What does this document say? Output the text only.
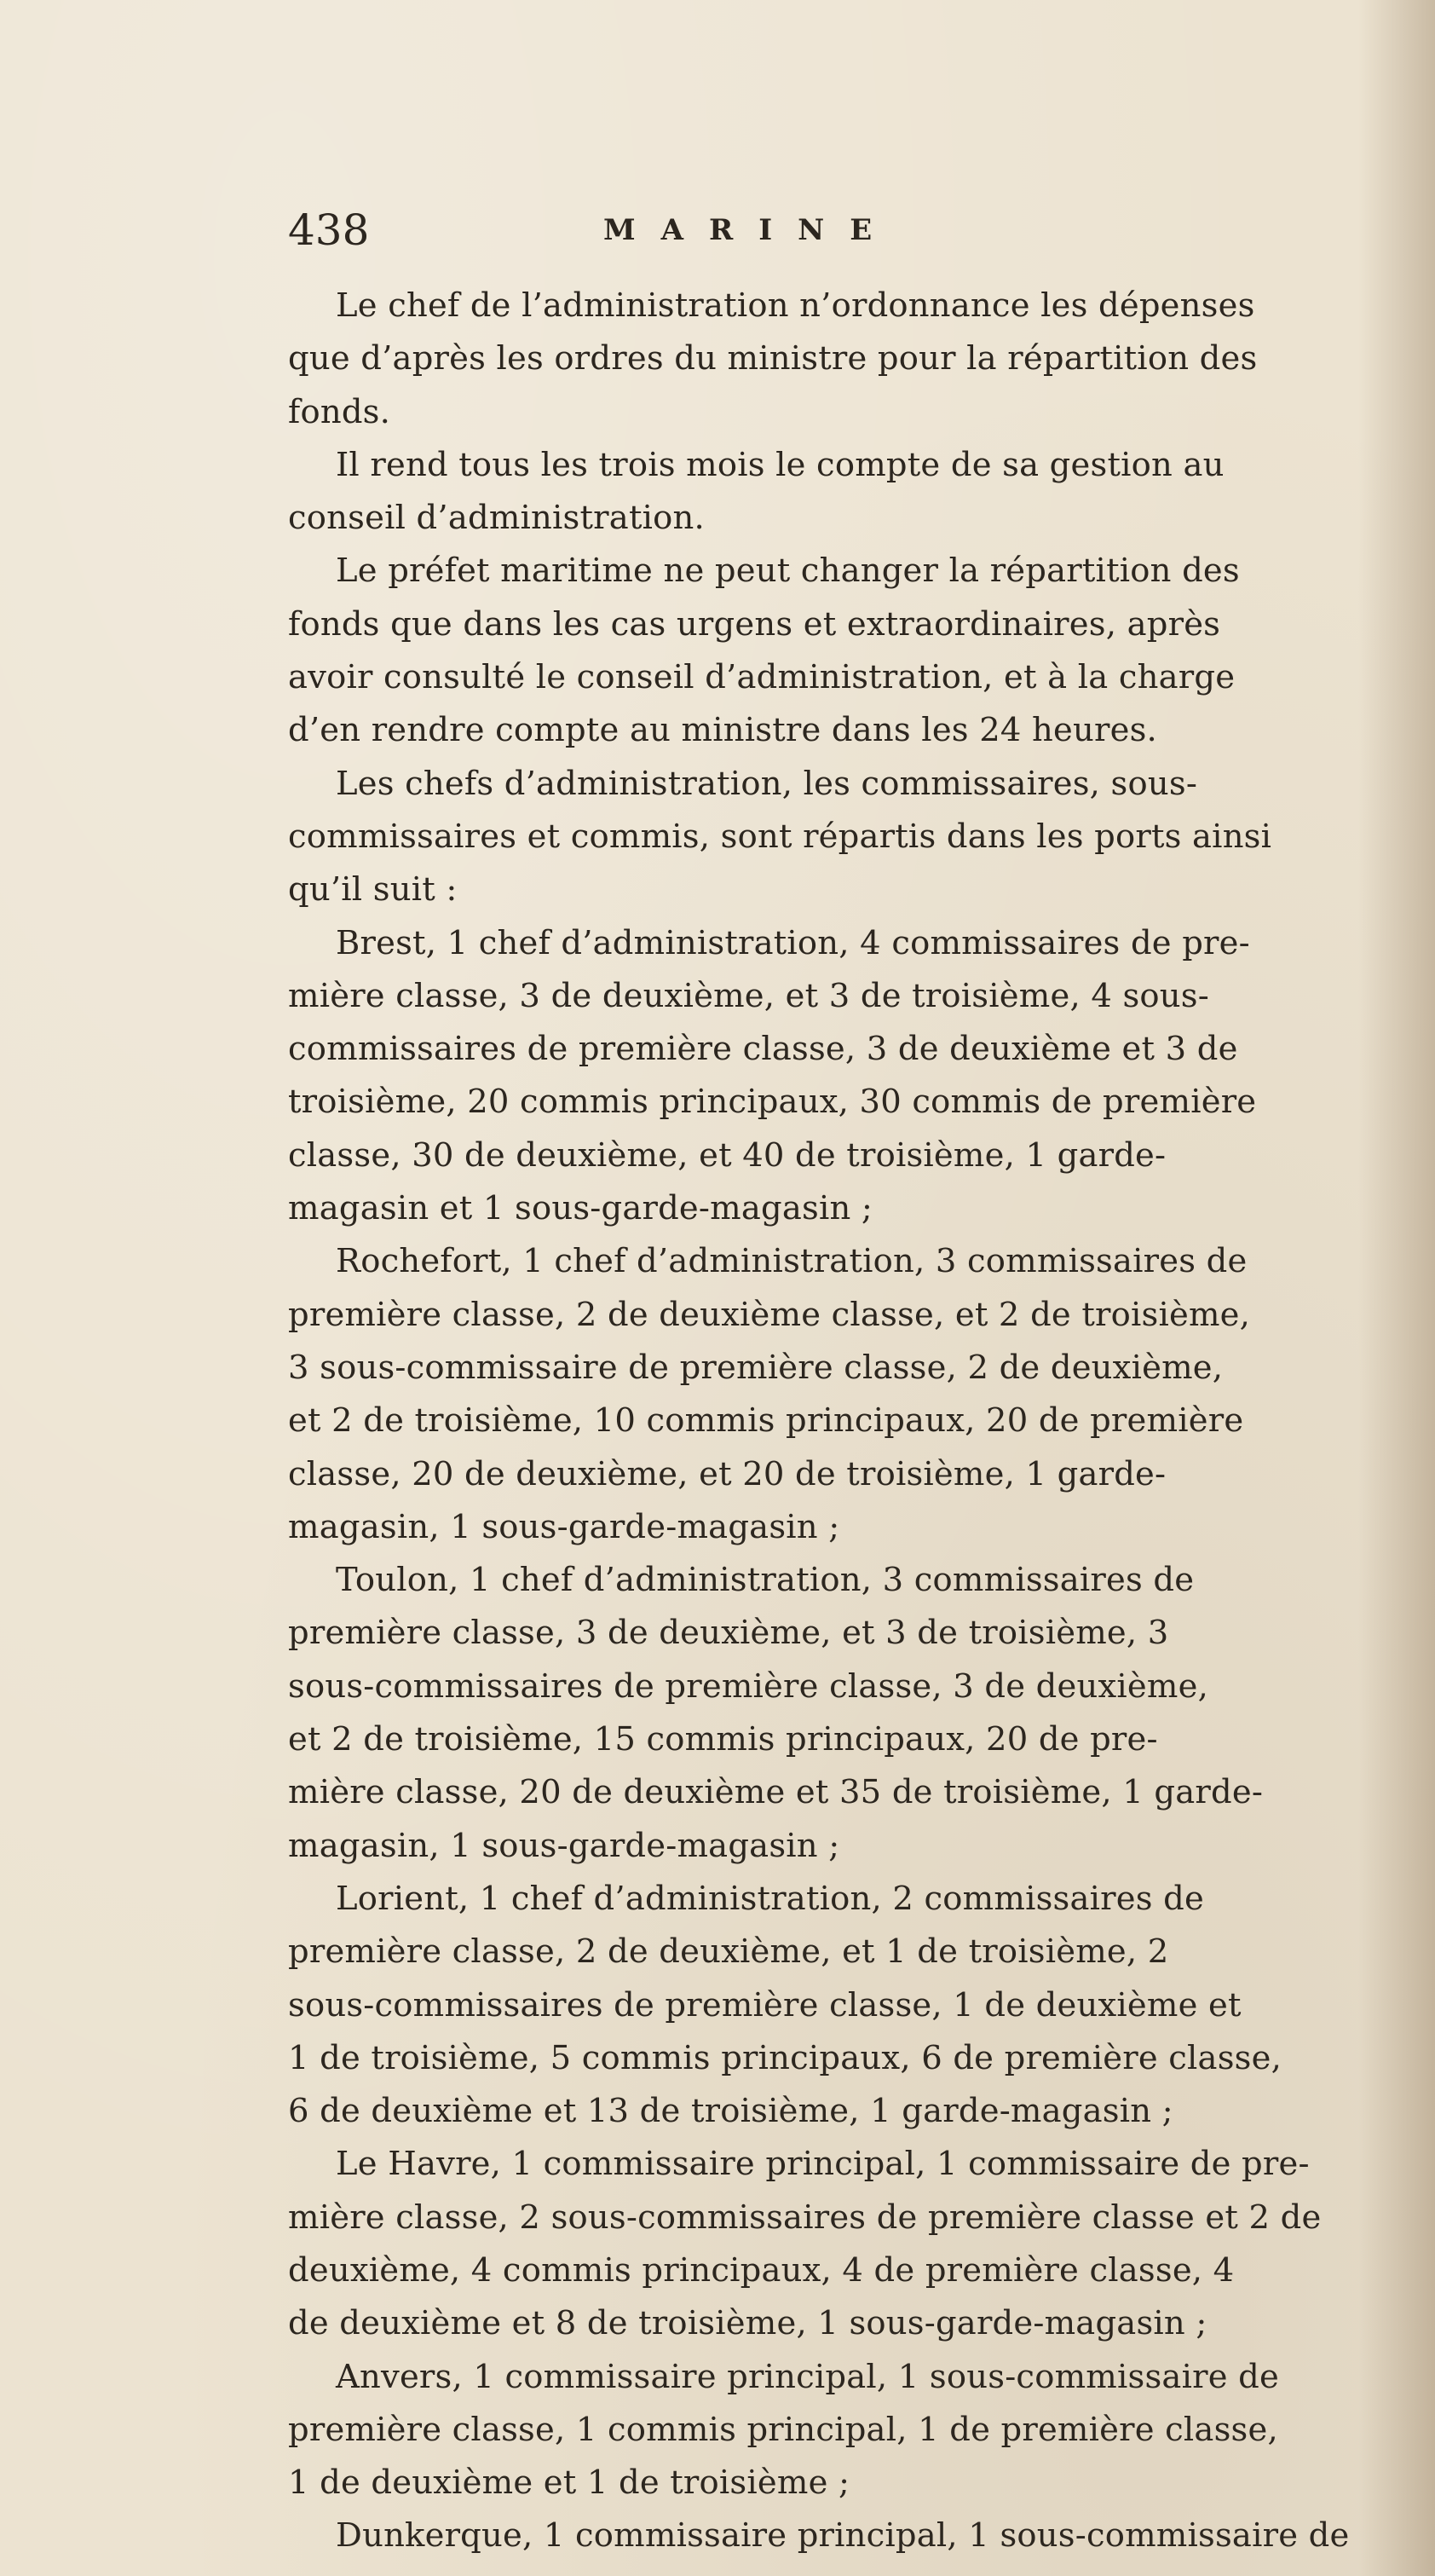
438	MARINE
Le chef de l’administration n’ordonnance les dépenses
que d’après les ordres du ministre pour la répartition des
fonds.
Il rend tous les trois mois le compte de sa gestion au
conseil d’administration.
Le préfet maritime ne peut changer la répartition des
fonds que dans les cas urgens et extraordinaires, après
avoir consulté le conseil d’administration, et à la charge
d’en rendre compte au ministre dans les 24 heures.
Les chefs d’administration, les commissaires, sous-
commissaires et commis, sont répartis dans les ports ainsi
qu’il suit :
Brest, 1 chef d’administration, 4 commissaires de pre-
mière classe, 3 de deuxième, et 3 de troisième, 4 sous-
commissaires de première classe, 3 de deuxième et 3 de
troisième, 20 commis principaux, 30 commis de première
classe, 30 de deuxième, et 40 de troisième, 1 garde-
magasin et 1 sous-garde-magasin ;
Rochefort, 1 chef d’administration, 3 commissaires de
première classe, 2 de deuxième classe, et 2 de troisième,
3 sous-commissaire de première classe, 2 de deuxième,
et 2 de troisième, 10 commis principaux, 20 de première
classe, 20 de deuxième, et 20 de troisième, 1 garde-
magasin, 1 sous-garde-magasin ;
Toulon, 1 chef d’administration, 3 commissaires de
première classe, 3 de deuxième, et 3 de troisième, 3
sous-commissaires de première classe, 3 de deuxième,
et 2 de troisième, 15 commis principaux, 20 de pre-
mière classe, 20 de deuxième et 35 de troisième, 1 garde-
magasin, 1 sous-garde-magasin ;
Lorient, 1 chef d’administration, 2 commissaires de
première classe, 2 de deuxième, et 1 de troisième, 2
sous-commissaires de première classe, 1 de deuxième et
1 de troisième, 5 commis principaux, 6 de première classe,
6 de deuxième et 13 de troisième, 1 garde-magasin ;
Le Havre, 1 commissaire principal, 1 commissaire de pre-
mière classe, 2 sous-commissaires de première classe et 2 de
deuxième, 4 commis principaux, 4 de première classe, 4
de deuxième et 8 de troisième, 1 sous-garde-magasin ;
Anvers, 1 commissaire principal, 1 sous-commissaire de
première classe, 1 commis principal, 1 de première classe,
1 de deuxième et 1 de troisième ;
Dunkerque, 1 commissaire principal, 1 sous-commissaire de
